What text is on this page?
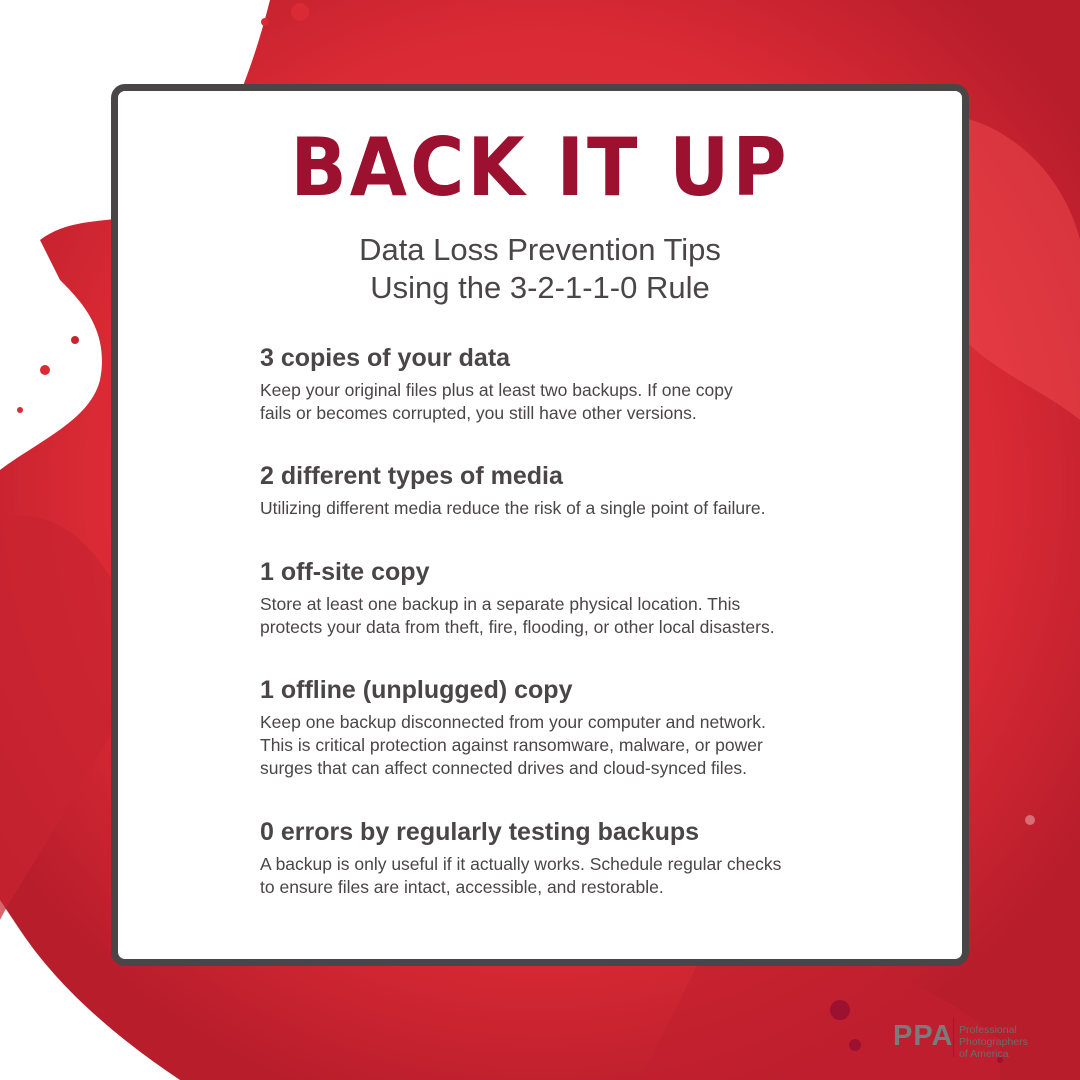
BACK IT UP
Data Loss Prevention Tips
Using the 3-2-1-1-0 Rule
3 copies of your data

Keep your original files plus at least two backups. If one copy
fails or becomes corrupted, you still have other versions.

2 different types of media

Utilizing different media reduce the risk of a single point of failure.

1 off-site copy

Store at least one backup in a separate physical location. This
protects your data from theft, fire, flooding, or other local disasters.

1 offline (unplugged) copy

Keep one backup disconnected from your computer and network.
This is critical protection against ransomware, malware, or power
surges that can affect connected drives and cloud-synced files.

0 errors by regularly testing backups

A backup is only useful if it actually works. Schedule regular checks
to ensure files are intact, accessible, and restorable.

PPA Professional
Photographers
of America
